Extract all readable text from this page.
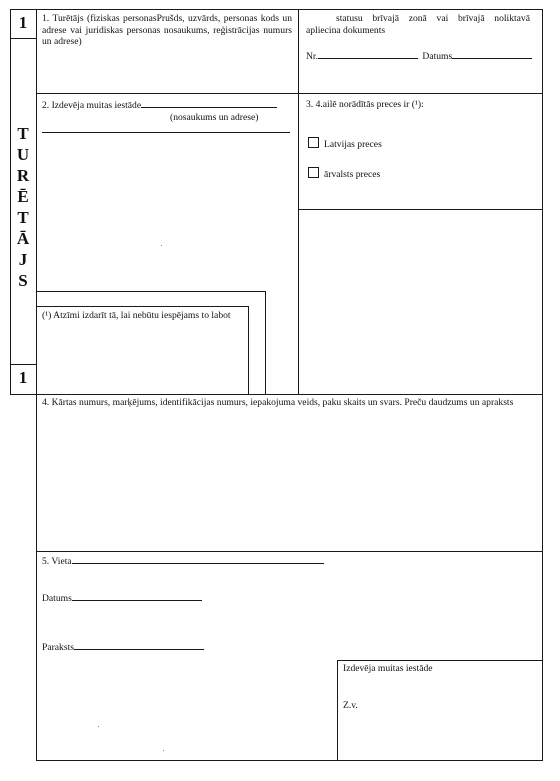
1
1
T
U
R
Ē
T
Ā
J
S
1. Turētājs (fiziskas personasPrušds, uzvārds, personas kods un adrese vai juridiskas personas nosaukums, reģistrācijas numurs un adrese)
statusu brīvajā zonā vai brīvajā noliktavā apliecina dokuments
Nr.	Datums
2. Izdevēja muitas iestāde
(nosaukums un adrese)
3. 4.ailē norādītās preces ir (¹):
Latvijas preces
ārvalsts preces
(¹) Atzīmi izdarīt tā, lai nebūtu iespējams to labot
4. Kārtas numurs, marķējums, identifikācijas numurs, iepakojuma veids, paku skaits un svars. Preču daudzums un apraksts
5. Vieta
Datums
Paraksts
Izdevēja muitas iestāde
Z.v.
